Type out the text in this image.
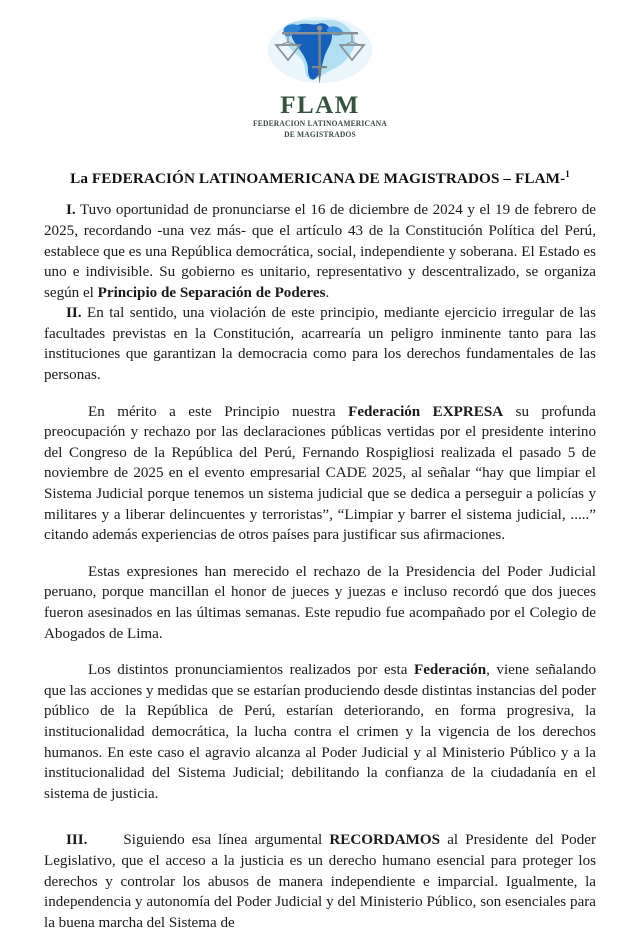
FLAM
FEDERACION LATINOAMERICANA
DE MAGISTRADOS
La FEDERACIÓN LATINOAMERICANA DE MAGISTRADOS – FLAM-$^1$

I. Tuvo oportunidad de pronunciarse el 16 de diciembre de 2024 y el 19 de febrero de 2025, recordando -una vez más- que el artículo 43 de la Constitución Política del Perú, establece que es una República democrática, social, independiente y soberana. El Estado es uno e indivisible. Su gobierno es unitario, representativo y descentralizado, se organiza según el Principio de Separación de Poderes.

II. En tal sentido, una violación de este principio, mediante ejercicio irregular de las facultades previstas en la Constitución, acarrearía un peligro inminente tanto para las instituciones que garantizan la democracia como para los derechos fundamentales de las personas.

En mérito a este Principio nuestra Federación EXPRESA su profunda preocupación y rechazo por las declaraciones públicas vertidas por el presidente interino del Congreso de la República del Perú, Fernando Rospigliosi realizada el pasado 5 de noviembre de 2025 en el evento empresarial CADE 2025, al señalar “hay que limpiar el Sistema Judicial porque tenemos un sistema judicial que se dedica a perseguir a policías y militares y a liberar delincuentes y terroristas”, “Limpiar y barrer el sistema judicial, .....” citando además experiencias de otros países para justificar sus afirmaciones.

Estas expresiones han merecido el rechazo de la Presidencia del Poder Judicial peruano, porque mancillan el honor de jueces y juezas e incluso recordó que dos jueces fueron asesinados en las últimas semanas. Este repudio fue acompañado por el Colegio de Abogados de Lima.

Los distintos pronunciamientos realizados por esta Federación, viene señalando que las acciones y medidas que se estarían produciendo desde distintas instancias del poder público de la República de Perú, estarían deteriorando, en forma progresiva, la institucionalidad democrática, la lucha contra el crimen y la vigencia de los derechos humanos. En este caso el agravio alcanza al Poder Judicial y al Ministerio Público y a la institucionalidad del Sistema Judicial; debilitando la confianza de la ciudadanía en el sistema de justicia.

III. Siguiendo esa línea argumental RECORDAMOS al Presidente del Poder Legislativo, que el acceso a la justicia es un derecho humano esencial para proteger los derechos y controlar los abusos de manera independiente e imparcial. Igualmente, la independencia y autonomía del Poder Judicial y del Ministerio Público, son esenciales para la buena marcha del Sistema de
